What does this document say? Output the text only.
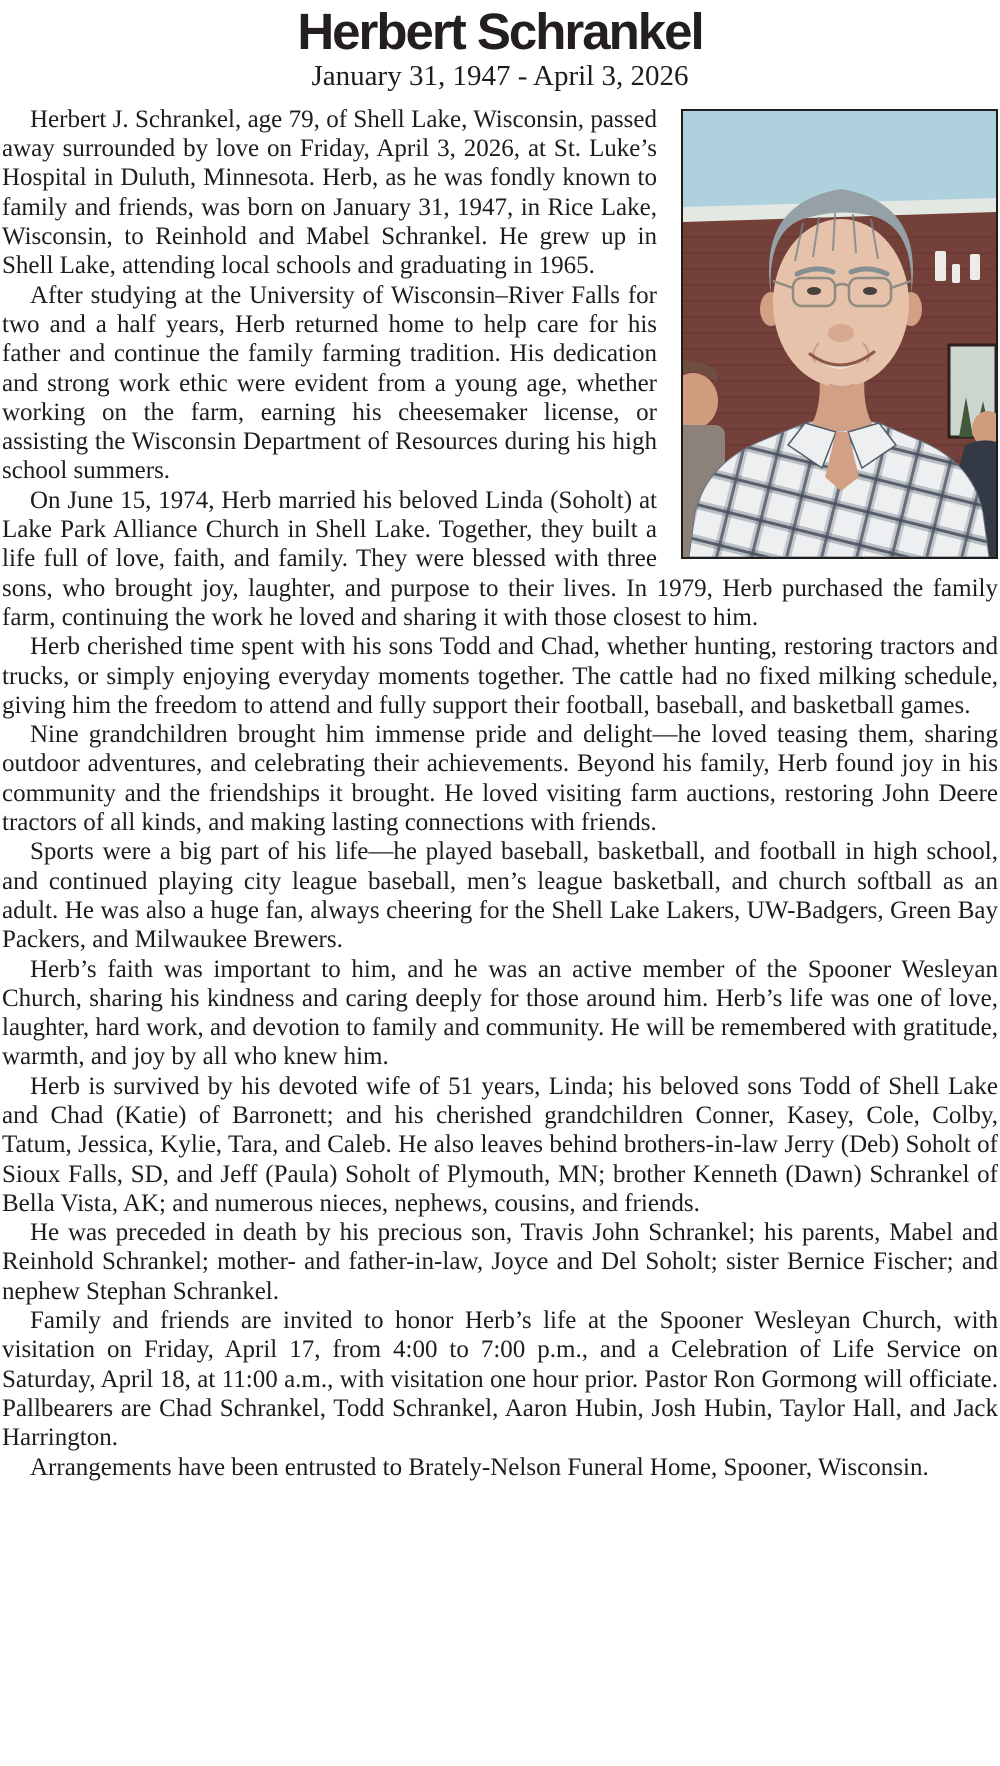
Herbert Schrankel
January 31, 1947 - April 3, 2026

Herbert J. Schrankel, age 79, of Shell Lake, Wisconsin, passed away surrounded by love on Friday, April 3, 2026, at St. Luke’s Hospital in Duluth, Minnesota. Herb, as he was fondly known to family and friends, was born on January 31, 1947, in Rice Lake, Wisconsin, to Reinhold and Mabel Schrankel. He grew up in Shell Lake, attending local schools and graduating in 1965.

After studying at the University of Wisconsin–River Falls for two and a half years, Herb returned home to help care for his father and continue the family farming tradition. His dedication and strong work ethic were evident from a young age, whether working on the farm, earning his cheesemaker license, or assisting the Wisconsin Department of Resources during his high school summers.

On June 15, 1974, Herb married his beloved Linda (Soholt) at Lake Park Alliance Church in Shell Lake. Together, they built a life full of love, faith, and family. They were blessed with three sons, who brought joy, laughter, and purpose to their lives. In 1979, Herb purchased the family farm, continuing the work he loved and sharing it with those closest to him.

Herb cherished time spent with his sons Todd and Chad, whether hunting, restoring tractors and trucks, or simply enjoying everyday moments together. The cattle had no fixed milking schedule, giving him the freedom to attend and fully support their football, baseball, and basketball games.

Nine grandchildren brought him immense pride and delight—he loved teasing them, sharing outdoor adventures, and celebrating their achievements. Beyond his family, Herb found joy in his community and the friendships it brought. He loved visiting farm auctions, restoring John Deere tractors of all kinds, and making lasting connections with friends.

Sports were a big part of his life—he played baseball, basketball, and football in high school, and continued playing city league baseball, men’s league basketball, and church softball as an adult. He was also a huge fan, always cheering for the Shell Lake Lakers, UW-Badgers, Green Bay Packers, and Milwaukee Brewers.

Herb’s faith was important to him, and he was an active member of the Spooner Wesleyan Church, sharing his kindness and caring deeply for those around him. Herb’s life was one of love, laughter, hard work, and devotion to family and community. He will be remembered with gratitude, warmth, and joy by all who knew him.

Herb is survived by his devoted wife of 51 years, Linda; his beloved sons Todd of Shell Lake and Chad (Katie) of Barronett; and his cherished grandchildren Conner, Kasey, Cole, Colby, Tatum, Jessica, Kylie, Tara, and Caleb. He also leaves behind brothers-in-law Jerry (Deb) Soholt of Sioux Falls, SD, and Jeff (Paula) Soholt of Plymouth, MN; brother Kenneth (Dawn) Schrankel of Bella Vista, AK; and numerous nieces, nephews, cousins, and friends.

He was preceded in death by his precious son, Travis John Schrankel; his parents, Mabel and Reinhold Schrankel; mother- and father-in-law, Joyce and Del Soholt; sister Bernice Fischer; and nephew Stephan Schrankel.

Family and friends are invited to honor Herb’s life at the Spooner Wesleyan Church, with visitation on Friday, April 17, from 4:00 to 7:00 p.m., and a Celebration of Life Service on Saturday, April 18, at 11:00 a.m., with visitation one hour prior. Pastor Ron Gormong will officiate. Pallbearers are Chad Schrankel, Todd Schrankel, Aaron Hubin, Josh Hubin, Taylor Hall, and Jack Harrington.

Arrangements have been entrusted to Brately-Nelson Funeral Home, Spooner, Wisconsin.
